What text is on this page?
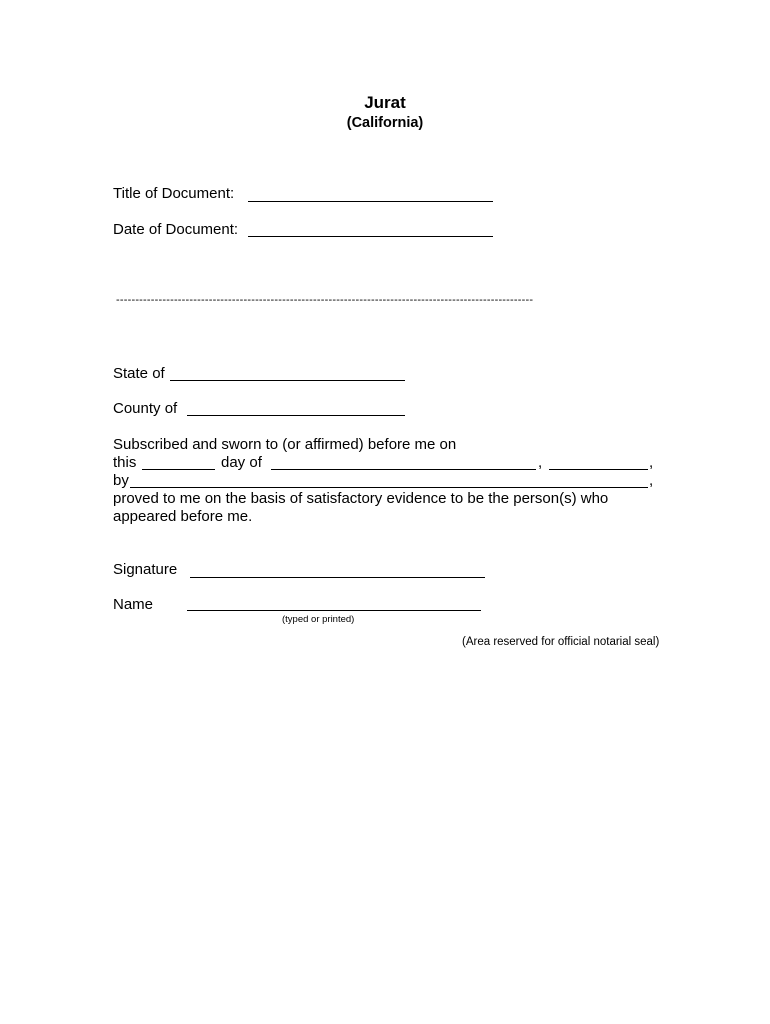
Jurat
(California)
Title of Document:
Date of Document:
------------------------------------------------------------------------------------------------------------
State of
County of
Subscribed and sworn to (or affirmed) before me on
this	day of	,	,
by	,
proved to me on the basis of satisfactory evidence to be the person(s) who
appeared before me.
Signature
Name
(typed or printed)
(Area reserved for official notarial seal)
